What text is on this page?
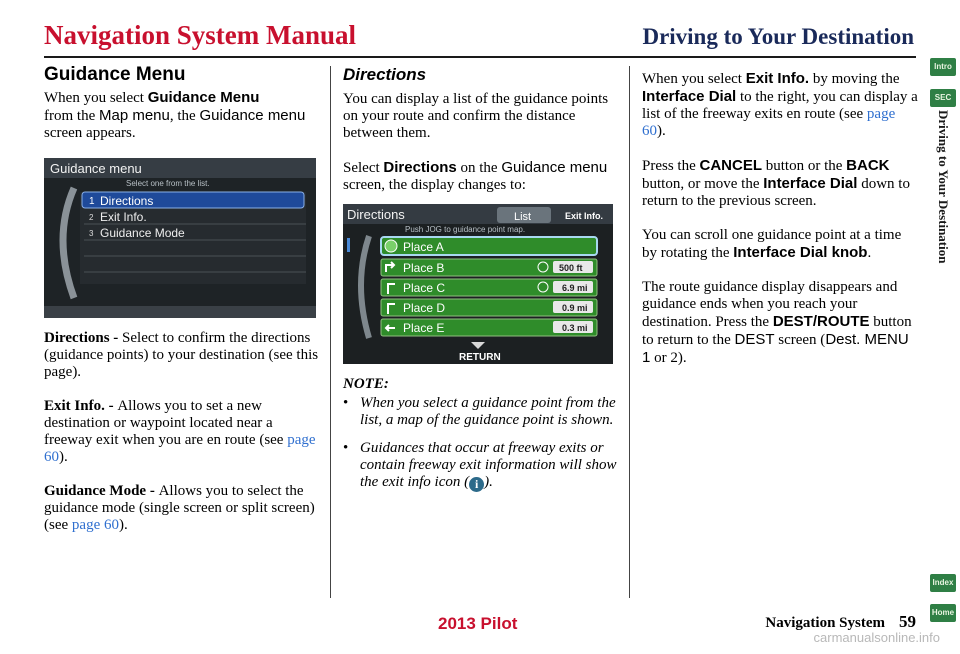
Navigation System Manual	Driving to Your Destination
Guidance Menu

When you select Guidance Menu
from the Map menu, the Guidance menu screen appears.

Guidance menu
Select one from the list.
1 Directions
2 Exit Info.
3 Guidance Mode

Directions - Select to confirm the directions (guidance points) to your destination (see this page).

Exit Info. - Allows you to set a new destination or waypoint located near a freeway exit when you are en route (see page 60).

Guidance Mode - Allows you to select the guidance mode (single screen or split screen) (see page 60).

Directions

You can display a list of the guidance points on your route and confirm the distance between them.

Select Directions on the Guidance menu screen, the display changes to:

Directions	List	Exit Info.
Push JOG to guidance point map.
Place A
Place B	500 ft
Place C	6.9 mi
Place D	0.9 mi
Place E	0.3 mi
RETURN
NOTE:
• When you select a guidance point from the list, a map of the guidance point is shown.
• Guidances that occur at freeway exits or contain freeway exit information will show the exit info icon ( i ).

When you select Exit Info. by moving the Interface Dial to the right, you can display a list of the freeway exits en route (see page 60).

Press the CANCEL button or the BACK button, or move the Interface Dial down to return to the previous screen.

You can scroll one guidance point at a time by rotating the Interface Dial knob.

The route guidance display disappears and guidance ends when you reach your destination. Press the DEST/ROUTE button to return to the DEST screen (Dest. MENU 1 or 2).

Intro
SEC
Driving to Your Destination
Index
Home
2013 Pilot	Navigation System 59
carmanualsonline.info
